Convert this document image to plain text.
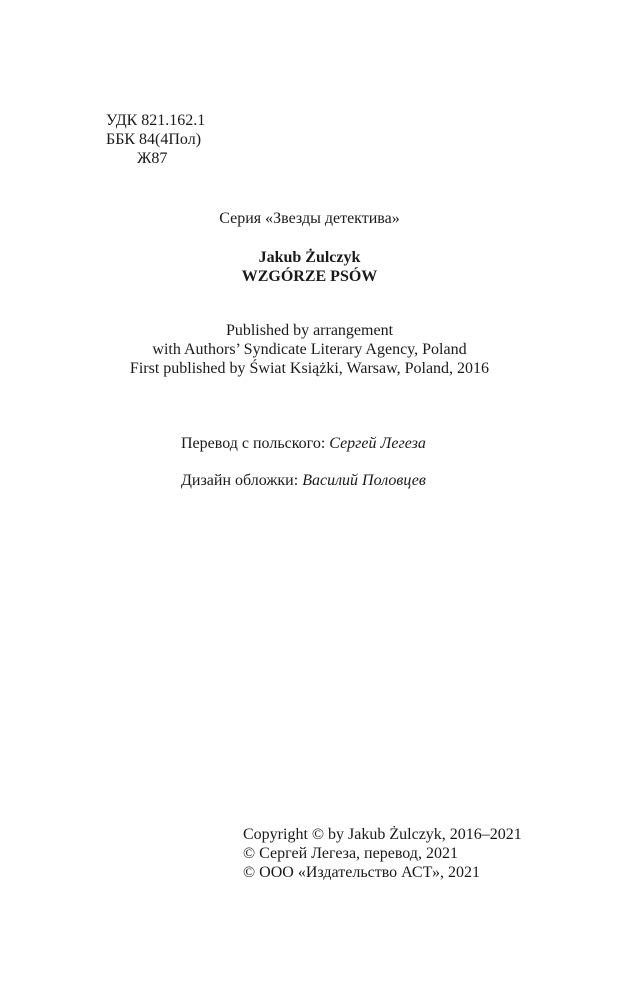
УДК 821.162.1
ББК 84(4Пол)
Ж87
Серия «Звезды детектива»
Jakub Żulczyk
WZGÓRZE PSÓW
Published by arrangement
with Authors’ Syndicate Literary Agency, Poland
First published by Świat Książki, Warsaw, Poland, 2016
Перевод с польского: Сергей Легеза
Дизайн обложки: Василий Половцев
Copyright © by Jakub Żulczyk, 2016–2021
© Сергей Легеза, перевод, 2021
© ООО «Издательство АСТ», 2021
